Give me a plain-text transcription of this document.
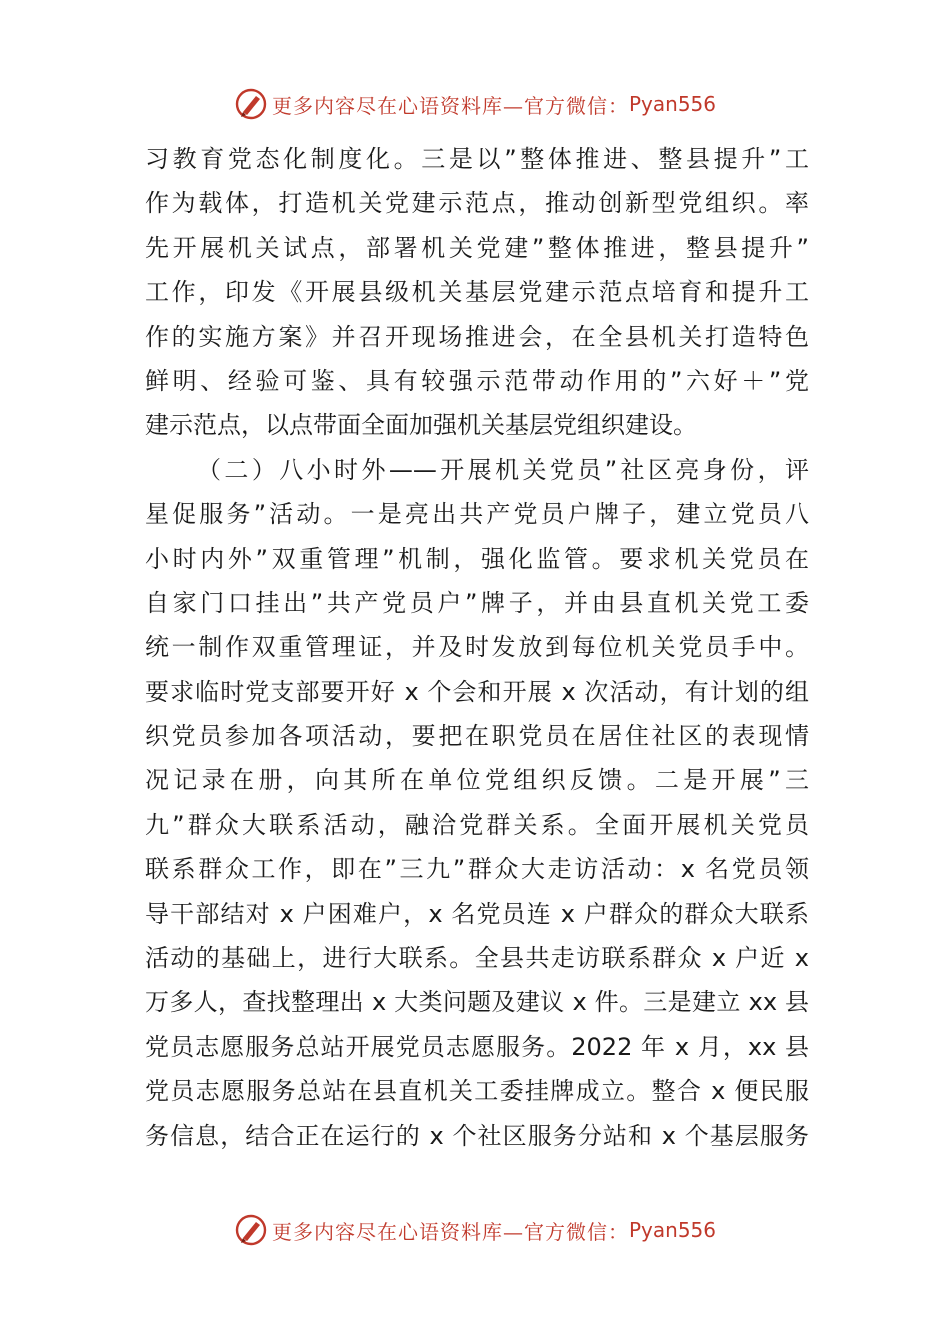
更多内容尽在心语资料库—官方微信： Pyan556
习教育党态化制度化。三是以”整体推进、整县提升”工
作为载体，打造机关党建示范点，推动创新型党组织。率
先开展机关试点，部署机关党建”整体推进，整县提升”
工作，印发《开展县级机关基层党建示范点培育和提升工
作的实施方案》并召开现场推进会，在全县机关打造特色
鲜明、经验可鉴、具有较强示范带动作用的”六好＋”党
建示范点，以点带面全面加强机关基层党组织建设。
（二）八小时外——开展机关党员”社区亮身份，评
星促服务”活动。一是亮出共产党员户牌子，建立党员八
小时内外”双重管理”机制，强化监管。要求机关党员在
自家门口挂出”共产党员户”牌子，并由县直机关党工委
统一制作双重管理证，并及时发放到每位机关党员手中。
要求临时党支部要开好 x 个会和开展 x 次活动，有计划的组
织党员参加各项活动，要把在职党员在居住社区的表现情
况记录在册，向其所在单位党组织反馈。二是开展”三
九”群众大联系活动，融洽党群关系。全面开展机关党员
联系群众工作，即在”三九”群众大走访活动：x 名党员领
导干部结对 x 户困难户，x 名党员连 x 户群众的群众大联系
活动的基础上，进行大联系。全县共走访联系群众 x 户近 x
万多人，查找整理出 x 大类问题及建议 x 件。三是建立 xx 县
党员志愿服务总站开展党员志愿服务。2022 年 x 月，xx 县
党员志愿服务总站在县直机关工委挂牌成立。整合 x 便民服
务信息，结合正在运行的 x 个社区服务分站和 x 个基层服务
更多内容尽在心语资料库—官方微信： Pyan556
